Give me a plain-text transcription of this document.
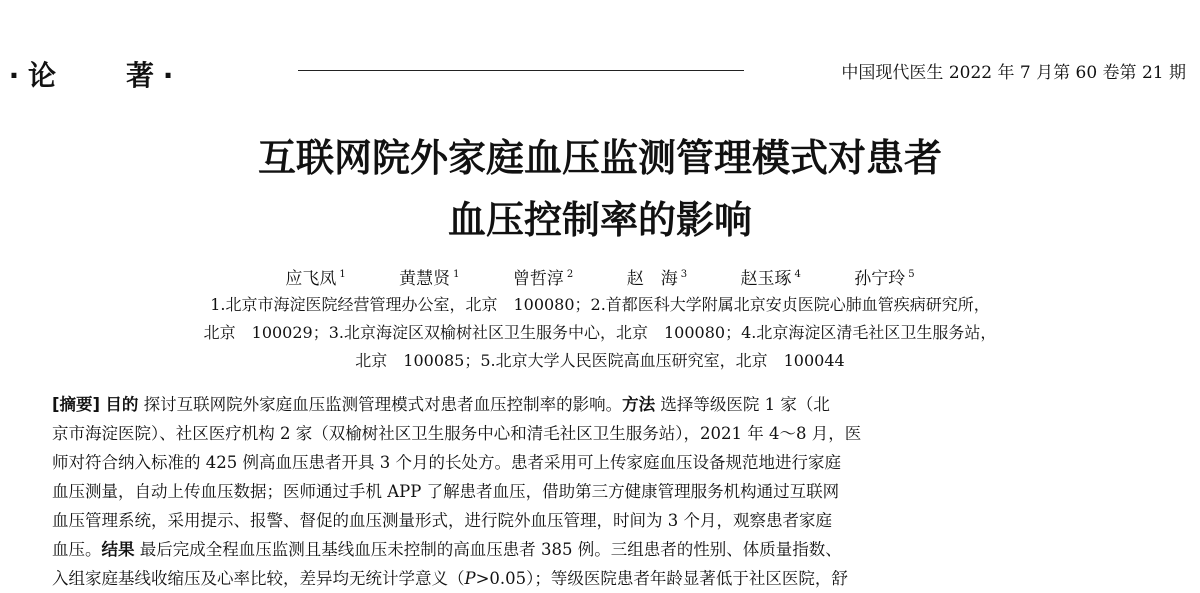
· 论	著 ·	中国现代医生 2022 年 7 月第 60 卷第 21 期
互联网院外家庭血压监测管理模式对患者
血压控制率的影响
应飞凤 $^1$	黄慧贤 $^1$	曾哲淳 $^2$	赵　海 $^3$	赵玉琢 $^4$	孙宁玲 $^5$
1.北京市海淀医院经营管理办公室，北京　100080；2.首都医科大学附属北京安贞医院心肺血管疾病研究所，
北京　100029；3.北京海淀区双榆树社区卫生服务中心，北京　100080；4.北京海淀区清毛社区卫生服务站，
北京　100085；5.北京大学人民医院高血压研究室，北京　100044
[摘要] 目的 探讨互联网院外家庭血压监测管理模式对患者血压控制率的影响。方法 选择等级医院 1 家（北
京市海淀医院）、社区医疗机构 2 家（双榆树社区卫生服务中心和清毛社区卫生服务站），2021 年 4～8 月，医
师对符合纳入标准的 425 例高血压患者开具 3 个月的长处方。患者采用可上传家庭血压设备规范地进行家庭
血压测量，自动上传血压数据；医师通过手机 APP 了解患者血压，借助第三方健康管理服务机构通过互联网
血压管理系统，采用提示、报警、督促的血压测量形式，进行院外血压管理，时间为 3 个月，观察患者家庭
血压。结果 最后完成全程血压监测且基线血压未控制的高血压患者 385 例。三组患者的性别、体质量指数、
入组家庭基线收缩压及心率比较，差异均无统计学意义（P>0.05）；等级医院患者年龄显著低于社区医院，舒
